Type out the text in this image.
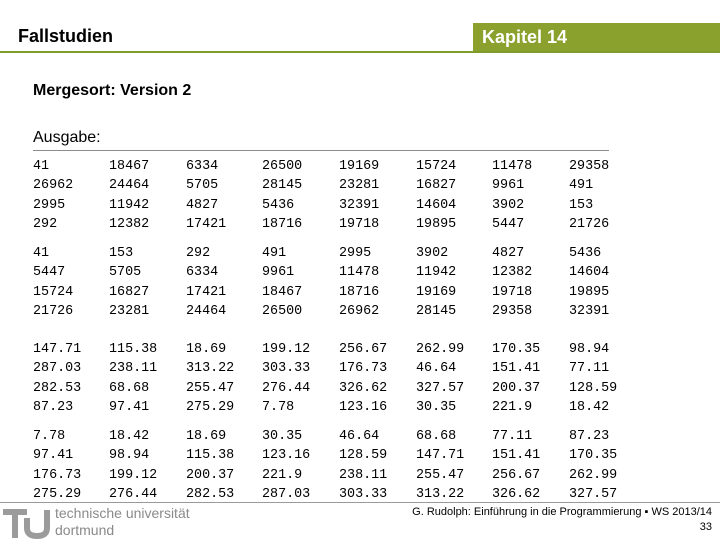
Fallstudien	Kapitel 14
Mergesort: Version 2
Ausgabe:
41
26962
2995
292
18467
24464
11942
12382
6334
5705
4827
17421
26500
28145
5436
18716
19169
23281
32391
19718
15724
16827
14604
19895
11478
9961
3902
5447
29358
491
153
21726
41
5447
15724
21726
153
5705
16827
23281
292
6334
17421
24464
491
9961
18467
26500
2995
11478
18716
26962
3902
11942
19169
28145
4827
12382
19718
29358
5436
14604
19895
32391
147.71
287.03
282.53
87.23
115.38
238.11
68.68
97.41
18.69
313.22
255.47
275.29
199.12
303.33
276.44
7.78
256.67
176.73
326.62
123.16
262.99
46.64
327.57
30.35
170.35
151.41
200.37
221.9
98.94
77.11
128.59
18.42
7.78
97.41
176.73
275.29
18.42
98.94
199.12
276.44
18.69
115.38
200.37
282.53
30.35
123.16
221.9
287.03
46.64
128.59
238.11
303.33
68.68
147.71
255.47
313.22
77.11
151.41
256.67
326.62
87.23
170.35
262.99
327.57
technische universität
dortmund
G. Rudolph: Einführung in die Programmierung ▪ WS 2013/14
33
